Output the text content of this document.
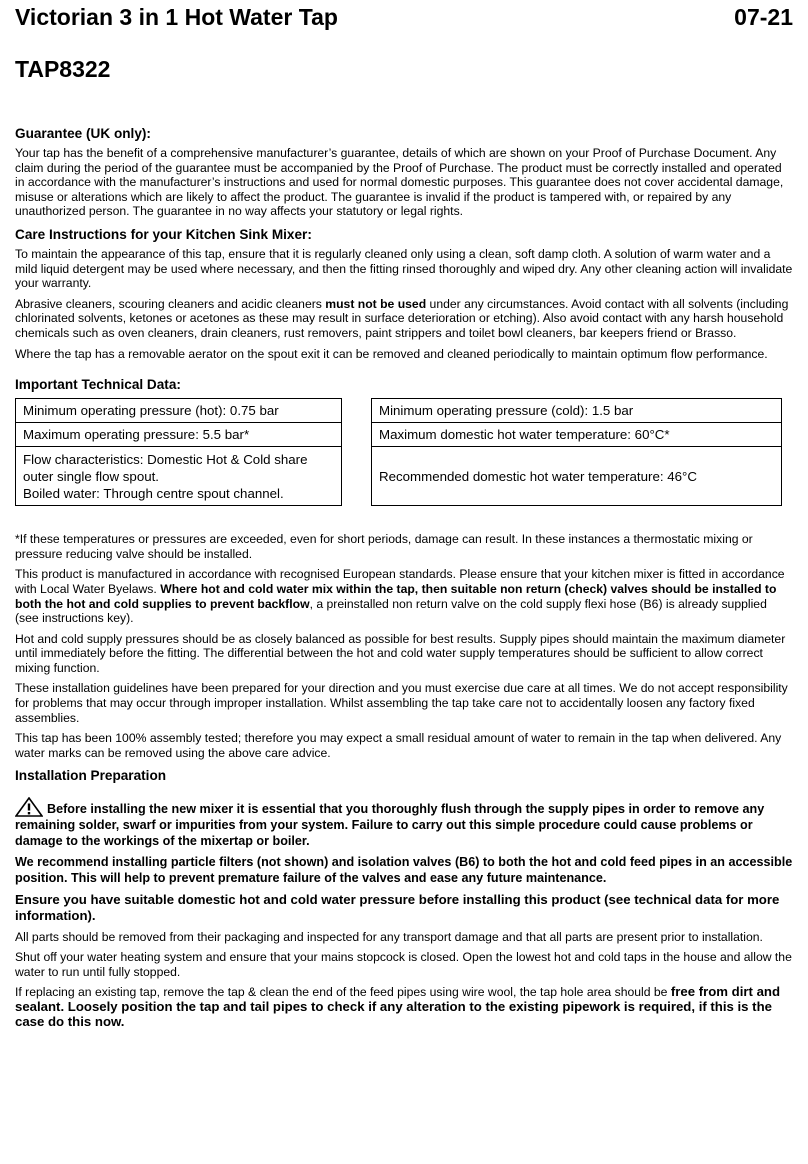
Victorian 3 in 1 Hot Water Tap	07-21
TAP8322
Guarantee (UK only):

Your tap has the benefit of a comprehensive manufacturer’s guarantee, details of which are shown on your Proof of Purchase Document. Any claim during the period of the guarantee must be accompanied by the Proof of Purchase. The product must be correctly installed and operated in accordance with the manufacturer’s instructions and used for normal domestic purposes. This guarantee does not cover accidental damage, misuse or alterations which are likely to affect the product. The guarantee is invalid if the product is tampered with, or repaired by any unauthorized person. The guarantee in no way affects your statutory or legal rights.

Care Instructions for your Kitchen Sink Mixer:

To maintain the appearance of this tap, ensure that it is regularly cleaned only using a clean, soft damp cloth. A solution of warm water and a mild liquid detergent may be used where necessary, and then the fitting rinsed thoroughly and wiped dry. Any other cleaning action will invalidate your warranty.

Abrasive cleaners, scouring cleaners and acidic cleaners must not be used under any circumstances. Avoid contact with all solvents (including chlorinated solvents, ketones or acetones as these may result in surface deterioration or etching). Also avoid contact with any harsh household chemicals such as oven cleaners, drain cleaners, rust removers, paint strippers and toilet bowl cleaners, bar keepers friend or Brasso.

Where the tap has a removable aerator on the spout exit it can be removed and cleaned periodically to maintain optimum flow performance.

Important Technical Data:
Minimum operating pressure (hot): 0.75 bar
Maximum operating pressure: 5.5 bar*
Flow characteristics: Domestic Hot & Cold share outer single flow spout.
Boiled water: Through centre spout channel.
Minimum operating pressure (cold): 1.5 bar
Maximum domestic hot water temperature: 60°C*
Recommended domestic hot water temperature: 46°C

*If these temperatures or pressures are exceeded, even for short periods, damage can result. In these instances a thermostatic mixing or pressure reducing valve should be installed.

This product is manufactured in accordance with recognised European standards. Please ensure that your kitchen mixer is fitted in accordance with Local Water Byelaws. Where hot and cold water mix within the tap, then suitable non return (check) valves should be installed to both the hot and cold supplies to prevent backflow, a preinstalled non return valve on the cold supply flexi hose (B6) is already supplied (see instructions key).

Hot and cold supply pressures should be as closely balanced as possible for best results. Supply pipes should maintain the maximum diameter until immediately before the fitting. The differential between the hot and cold water supply temperatures should be sufficient to allow correct mixing function.

These installation guidelines have been prepared for your direction and you must exercise due care at all times. We do not accept responsibility for problems that may occur through improper installation. Whilst assembling the tap take care not to accidentally loosen any factory fixed assemblies.

This tap has been 100% assembly tested; therefore you may expect a small residual amount of water to remain in the tap when delivered. Any water marks can be removed using the above care advice.

Installation Preparation
Before installing the new mixer it is essential that you thoroughly flush through the supply pipes in order to remove any remaining solder, swarf or impurities from your system. Failure to carry out this simple procedure could cause problems or damage to the workings of the mixertap or boiler.
We recommend installing particle filters (not shown) and isolation valves (B6) to both the hot and cold feed pipes in an accessible position. This will help to prevent premature failure of the valves and ease any future maintenance.
Ensure you have suitable domestic hot and cold water pressure before installing this product (see technical data for more information).

All parts should be removed from their packaging and inspected for any transport damage and that all parts are present prior to installation.

Shut off your water heating system and ensure that your mains stopcock is closed. Open the lowest hot and cold taps in the house and allow the water to run until fully stopped.

If replacing an existing tap, remove the tap & clean the end of the feed pipes using wire wool, the tap hole area should be free from dirt and sealant. Loosely position the tap and tail pipes to check if any alteration to the existing pipework is required, if this is the case do this now.
